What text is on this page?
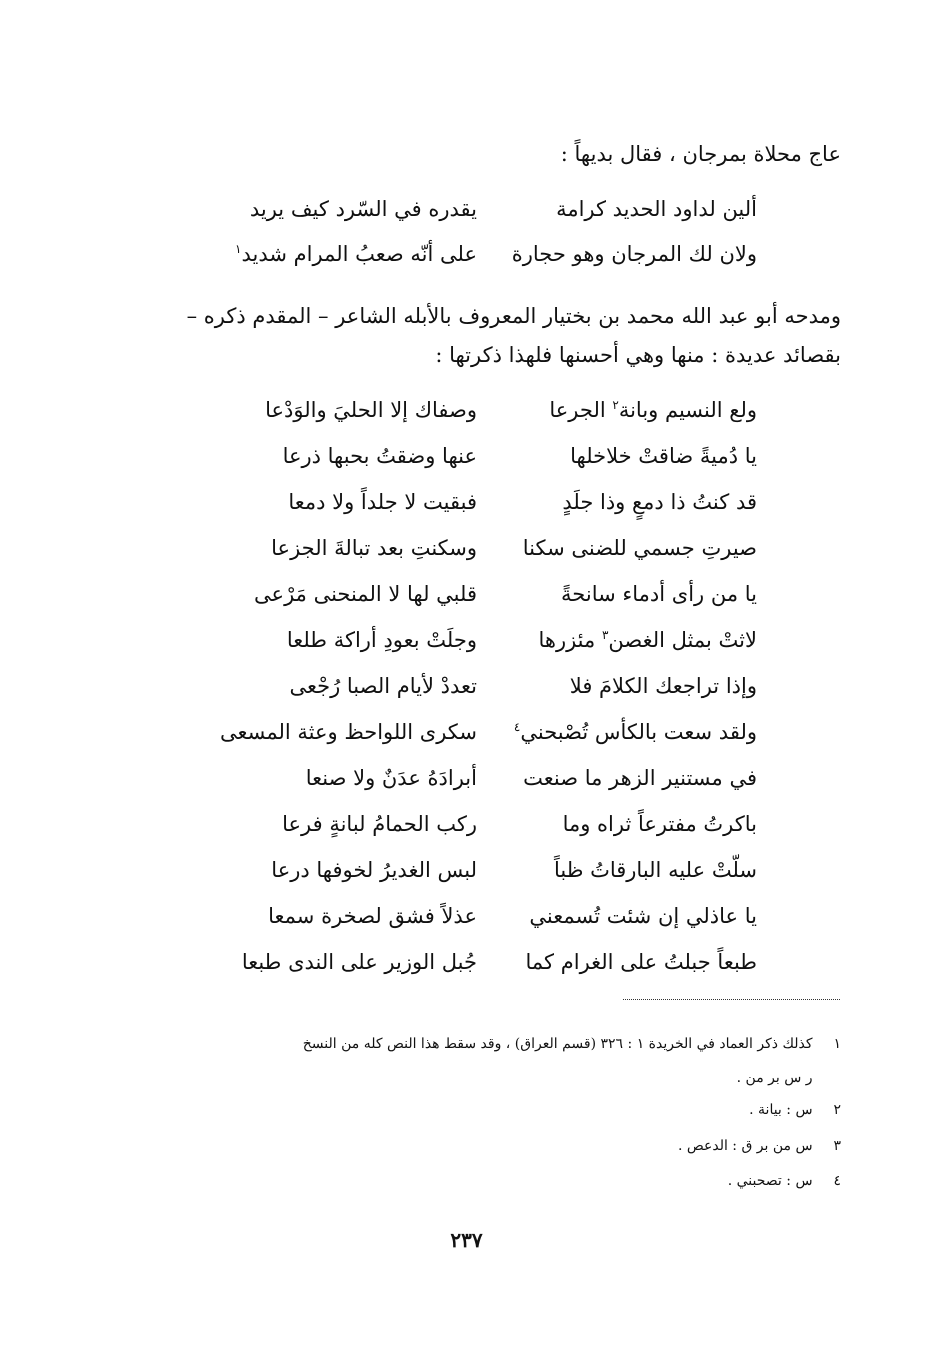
عاج محلاة بمرجان ، فقال بديهاً :
ألين لداود الحديد كرامة
يقدره في السّرد كيف يريد
ولان لك المرجان وهو حجارة
على أنّه صعبُ المرام شديد$^١$
ومدحه أبو عبد الله محمد بن بختيار المعروف بالأبله الشاعر – المقدم ذكره –
بقصائد عديدة : منها وهي أحسنها فلهذا ذكرتها :
ولع النسيم وبانة$^٢$ الجرعا
وصفاك إلا الحليَ والوَدْعا
يا دُميةً ضاقتْ خلاخلها
عنها وضقتُ بحبها ذرعا
قد كنتُ ذا دمعٍ وذا جلَدٍ
فبقيت لا جلداً ولا دمعا
صيرتِ جسمي للضنى سكنا
وسكنتِ بعد تبالةَ الجزعا
يا من رأى أدماء سانحةً
قلبي لها لا المنحنى مَرْعى
لاثتْ بمثل الغصن$^٣$ مئزرها
وجلَتْ بعودِ أراكة طلعا
وإذا تراجعك الكلامَ فلا
تعددْ لأيام الصبا رُجْعى
ولقد سعت بالكأس تُصْبحني$^٤$
سكرى اللواحظ وعثة المسعى
في مستنير الزهر ما صنعت
أبرادَهُ عدَنٌ ولا صنعا
باكرتُ مفترعاً ثراه وما
ركب الحمامُ لبانةٍ فرعا
سلّتْ عليه البارقاتُ ظباً
لبس الغديرُ لخوفها درعا
يا عاذلي إن شئت تُسمعني
عذلاً فشق لصخرة سمعا
طبعاً جبلتُ على الغرام كما
جُبل الوزير على الندى طبعا
١ كذلك ذكر العماد في الخريدة ١ : ٣٢٦ (قسم العراق) ، وقد سقط هذا النص كله من النسخ
ر س بر من .
٢ س : بيانة .
٣ س من بر ق : الدعص .
٤ س : تصحبني .
٢٣٧
